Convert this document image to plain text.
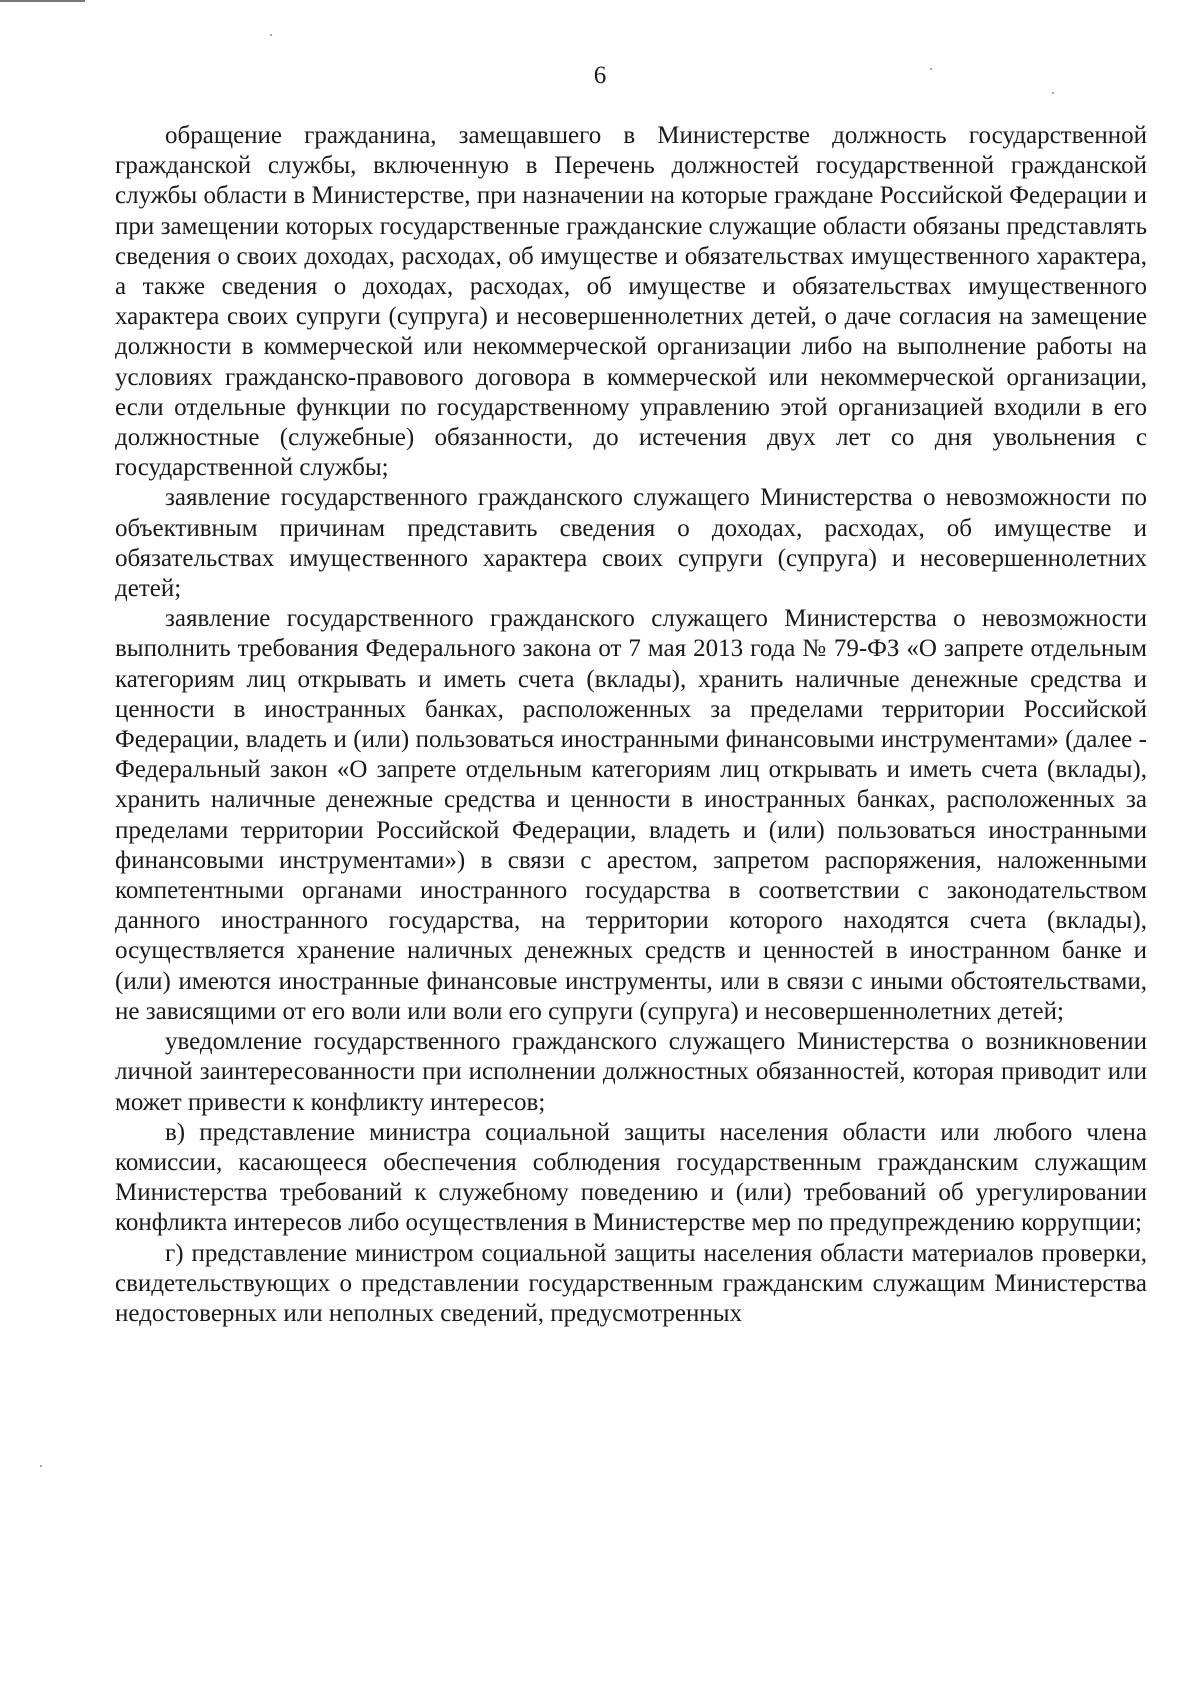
6

обращение гражданина, замещавшего в Министерстве должность государственной гражданской службы, включенную в Перечень должностей государственной гражданской службы области в Министерстве, при назначении на которые граждане Российской Федерации и при замещении которых государственные гражданские служащие области обязаны представлять сведения о своих доходах, расходах, об имуществе и обязательствах имущественного характера, а также сведения о доходах, расходах, об имуществе и обязательствах имущественного характера своих супруги (супруга) и несовершеннолетних детей, о даче согласия на замещение должности в коммерческой или некоммерческой организации либо на выполнение работы на условиях гражданско-правового договора в коммерческой или некоммерческой организации, если отдельные функции по государственному управлению этой организацией входили в его должностные (служебные) обязанности, до истечения двух лет со дня увольнения с государственной службы;

заявление государственного гражданского служащего Министерства о невозможности по объективным причинам представить сведения о доходах, расходах, об имуществе и обязательствах имущественного характера своих супруги (супруга) и несовершеннолетних детей;

заявление государственного гражданского служащего Министерства о невозможности выполнить требования Федерального закона от 7 мая 2013 года № 79-ФЗ «О запрете отдельным категориям лиц открывать и иметь счета (вклады), хранить наличные денежные средства и ценности в иностранных банках, расположенных за пределами территории Российской Федерации, владеть и (или) пользоваться иностранными финансовыми инструментами» (далее - Федеральный закон «О запрете отдельным категориям лиц открывать и иметь счета (вклады), хранить наличные денежные средства и ценности в иностранных банках, расположенных за пределами территории Российской Федерации, владеть и (или) пользоваться иностранными финансовыми инструментами») в связи с арестом, запретом распоряжения, наложенными компетентными органами иностранного государства в соответствии с законодательством данного иностранного государства, на территории которого находятся счета (вклады), осуществляется хранение наличных денежных средств и ценностей в иностранном банке и (или) имеются иностранные финансовые инструменты, или в связи с иными обстоятельствами, не зависящими от его воли или воли его супруги (супруга) и несовершеннолетних детей;

уведомление государственного гражданского служащего Министерства о возникновении личной заинтересованности при исполнении должностных обязанностей, которая приводит или может привести к конфликту интересов;

в) представление министра социальной защиты населения области или любого члена комиссии, касающееся обеспечения соблюдения государственным гражданским служащим Министерства требований к служебному поведению и (или) требований об урегулировании конфликта интересов либо осуществления в Министерстве мер по предупреждению коррупции;

г) представление министром социальной защиты населения области материалов проверки, свидетельствующих о представлении государственным гражданским служащим Министерства недостоверных или неполных сведений, предусмотренных
